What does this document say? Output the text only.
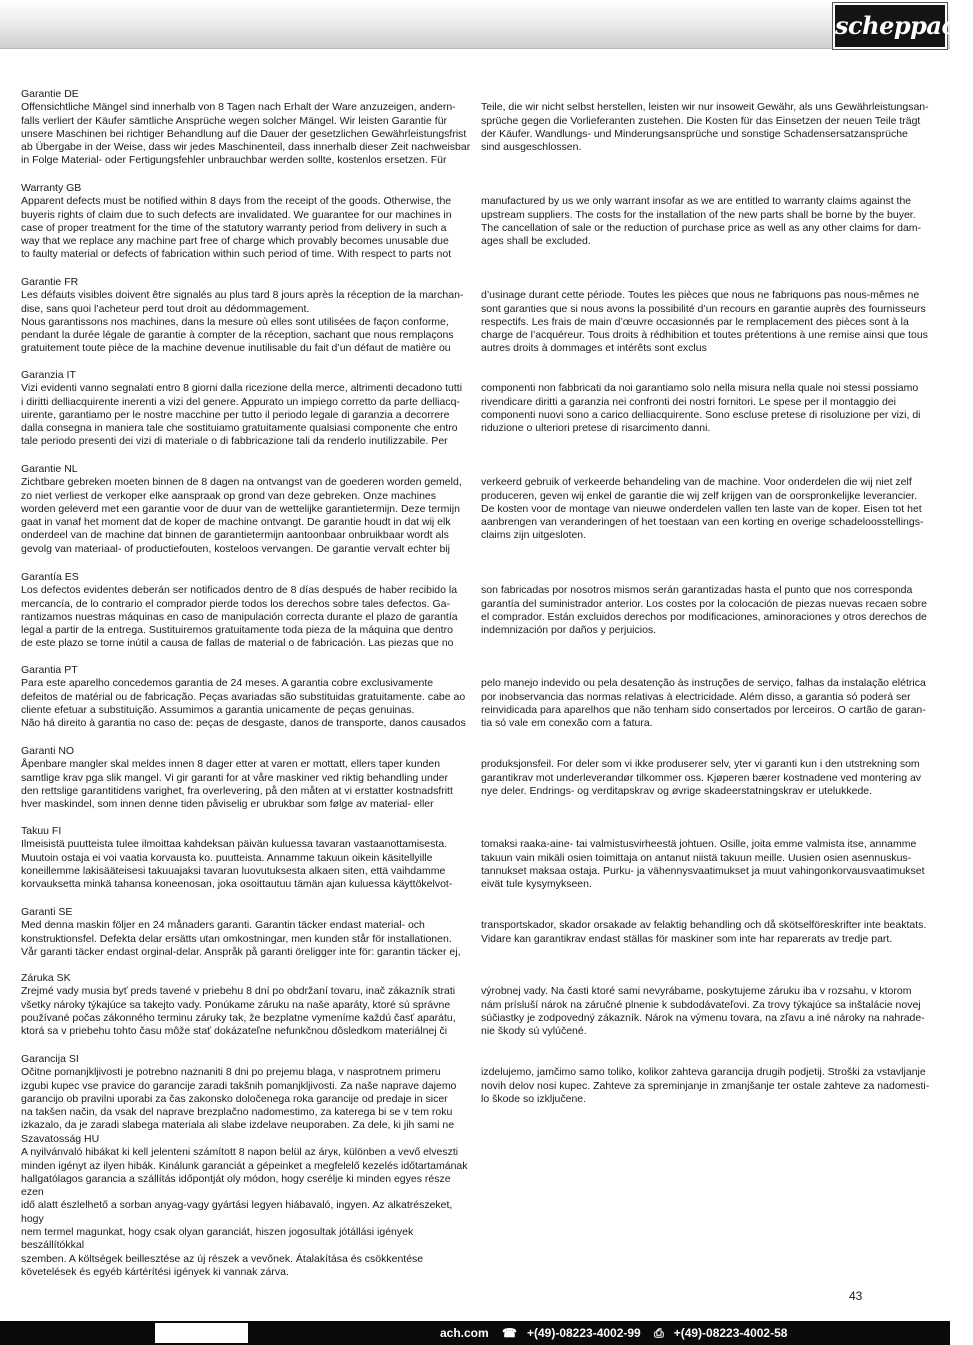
scheppach
Garantie DE

Offensichtliche Mängel sind innerhalb von 8 Tagen nach Erhalt der Ware anzuzeigen, andern-
falls verliert der Käufer sämtliche Ansprüche wegen solcher Mängel. Wir leisten Garantie für
unsere Maschinen bei richtiger Behandlung auf die Dauer der gesetzlichen Gewährleistungsfrist
ab Übergabe in der Weise, dass wir jedes Maschinenteil, dass innerhalb dieser Zeit nachweisbar
in Folge Material- oder Fertigungsfehler unbrauchbar werden sollte, kostenlos ersetzen. Für

Teile, die wir nicht selbst herstellen, leisten wir nur insoweit Gewähr, als uns Gewährleistungsan-
sprüche gegen die Vorlieferanten zustehen. Die Kosten für das Einsetzen der neuen Teile trägt
der Käufer. Wandlungs- und Minderungsansprüche und sonstige Schadensersatzansprüche
sind ausgeschlossen.

Warranty GB

Apparent defects must be notified within 8 days from the receipt of the goods. Otherwise, the
buyeris rights of claim due to such defects are invalidated. We guarantee for our machines in
case of proper treatment for the time of the statutory warranty period from delivery in such a
way that we replace any machine part free of charge which provably becomes unusable due
to faulty material or defects of fabrication within such period of time. With respect to parts not

manufactured by us we only warrant insofar as we are entitled to warranty claims against the
upstream suppliers. The costs for the installation of the new parts shall be borne by the buyer.
The cancellation of sale or the reduction of purchase price as well as any other claims for dam-
ages shall be excluded.

Garantie FR

Les défauts visibles doivent être signalés au plus tard 8 jours après la réception de la marchan-
dise, sans quoi l’acheteur perd tout droit au dédommagement.
Nous garantissons nos machines, dans la mesure où elles sont utilisées de façon conforme,
pendant la durée légale de garantie à compter de la réception, sachant que nous remplaçons
gratuitement toute pièce de la machine devenue inutilisable du fait d’un défaut de matière ou

d’usinage durant cette période. Toutes les pièces que nous ne fabriquons pas nous-mêmes ne
sont garanties que si nous avons la possibilité d’un recours en garantie auprès des fournisseurs
respectifs. Les frais de main d’œuvre occasionnés par le remplacement des pièces sont à la
charge de l’acquéreur. Tous droits à rédhibition et toutes prétentions à une remise ainsi que tous
autres droits à dommages et intérêts sont exclus

Garanzia IT

Vizi evidenti vanno segnalati entro 8 giorni dalla ricezione della merce, altrimenti decadono tutti
i diritti delliacquirente inerenti a vizi del genere. Appurato un impiego corretto da parte delliacq-
uirente, garantiamo per le nostre macchine per tutto il periodo legale di garanzia a decorrere
dalla consegna in maniera tale che sostituiamo gratuitamente qualsiasi componente che entro
tale periodo presenti dei vizi di materiale o di fabbricazione tali da renderlo inutilizzabile. Per

componenti non fabbricati da noi garantiamo solo nella misura nella quale noi stessi possiamo
rivendicare diritti a garanzia nei confronti dei nostri fornitori. Le spese per il montaggio dei
componenti nuovi sono a carico delliacquirente. Sono escluse pretese di risoluzione per vizi, di
riduzione o ulteriori pretese di risarcimento danni.

Garantie NL

Zichtbare gebreken moeten binnen de 8 dagen na ontvangst van de goederen worden gemeld,
zo niet verliest de verkoper elke aanspraak op grond van deze gebreken. Onze machines
worden geleverd met een garantie voor de duur van de wettelijke garantietermijn. Deze termijn
gaat in vanaf het moment dat de koper de machine ontvangt. De garantie houdt in dat wij elk
onderdeel van de machine dat binnen de garantietermijn aantoonbaar onbruikbaar wordt als
gevolg van materiaal- of productiefouten, kosteloos vervangen. De garantie vervalt echter bij

verkeerd gebruik of verkeerde behandeling van de machine. Voor onderdelen die wij niet zelf
produceren, geven wij enkel de garantie die wij zelf krijgen van de oorspronkelijke leverancier.
De kosten voor de montage van nieuwe onderdelen vallen ten laste van de koper. Eisen tot het
aanbrengen van veranderingen of het toestaan van een korting en overige schadeloosstellings-
claims zijn uitgesloten.

Garantía ES

Los defectos evidentes deberán ser notificados dentro de 8 días después de haber recibido la
mercancía, de lo contrario el comprador pierde todos los derechos sobre tales defectos. Ga-
rantizamos nuestras máquinas en caso de manipulación correcta durante el plazo de garantía
legal a partir de la entrega. Sustituiremos gratuitamente toda pieza de la máquina que dentro
de este plazo se torne inútil a causa de fallas de material o de fabricación. Las piezas que no

son fabricadas por nosotros mismos serán garantizadas hasta el punto que nos corresponda
garantía del suministrador anterior. Los costes por la colocación de piezas nuevas recaen sobre
el comprador. Están excluidos derechos por modificaciones, aminoraciones y otros derechos de
indemnización por daños y perjuicios.

Garantia PT

Para este aparelho concedemos garantia de 24 meses. A garantia cobre exclusivamente
defeitos de matérial ou de fabricação. Peças avariadas são substituidas gratuitamente. cabe ao
cliente efetuar a substituição. Assumimos a garantia unicamente de peças genuinas.
Não há direito à garantia no caso de: peças de desgaste, danos de transporte, danos causados

pelo manejo indevido ou pela desatenção às instruções de serviço, falhas da instalação elétrica
por inobservancia das normas relativas à electricidade. Além disso, a garantia só poderá ser
reinvidicada para aparelhos que não tenham sido consertados por lerceiros. O cartão de garan-
tia só vale em conexão com a fatura.

Garanti NO

Åpenbare mangler skal meldes innen 8 dager etter at varen er mottatt, ellers taper kunden
samtlige krav pga slik mangel. Vi gir garanti for at våre maskiner ved riktig behandling under
den rettslige garantitidens varighet, fra overlevering, på den måten at vi erstatter kostnadsfritt
hver maskindel, som innen denne tiden påviselig er ubrukbar som følge av material- eller

produksjonsfeil. For deler som vi ikke produserer selv, yter vi garanti kun i den utstrekning som
garantikrav mot underleverandør tilkommer oss. Kjøperen bærer kostnadene ved montering av
nye deler. Endrings- og verditapskrav og øvrige skadeerstatningskrav er utelukkede.

Takuu FI

Ilmeisistä puutteista tulee ilmoittaa kahdeksan päivän kuluessa tavaran vastaanottamisesta.
Muutoin ostaja ei voi vaatia korvausta ko. puutteista. Annamme takuun oikein käsitellyille
koneillemme lakisääteisesi takuuajaksi tavaran luovutuksesta alkaen siten, että vaihdamme
korvauksetta minkä tahansa koneenosan, joka osoittautuu tämän ajan kuluessa käyttökelvot-

tomaksi raaka-aine- tai valmistusvirheestä johtuen. Osille, joita emme valmista itse, annamme
takuun vain mikäli osien toimittaja on antanut niistä takuun meille. Uusien osien asennuskus-
tannukset maksaa ostaja. Purku- ja vähennysvaatimukset ja muut vahingonkorvausvaatimukset
eivät tule kysymykseen.

Garanti SE

Med denna maskin följer en 24 månaders garanti. Garantin täcker endast material- och
konstruktionsfel. Defekta delar ersätts utan omkostningar, men kunden står för installationen.
Vår garanti täcker endast orginal-delar. Anspråk på garanti öreligger inte för: garantin täcker ej,

transportskador, skador orsakade av felaktig behandling och då skötselföreskrifter inte beaktats.
Vidare kan garantikrav endast ställas för maskiner som inte har reparerats av tredje part.

Záruka SK

Zrejmé vady musia byť preds tavené v priebehu 8 dní po obdržaní tovaru, inač zákazník strati
všetky nároky týkajúce sa takejto vady. Ponúkame záruku na naše aparáty, ktoré sú správne
používané počas zákonného terminu záruky tak, že bezplatne vymeníme každú časť aparátu,
ktorá sa v priebehu tohto času môže stať dokázateľne nefunkčnou dôsledkom materiálnej či

výrobnej vady. Na časti ktoré sami nevyrábame, poskytujeme záruku iba v rozsahu, v ktorom
nám prísluší nárok na záručné plnenie k subdodávateľovi. Za trovy týkajúce sa inštalácie novej
súčiastky je zodpovedný zákazník. Nárok na výmenu tovara, na zľavu a iné nároky na nahrade-
nie škody sú vylúčené.

Garancija SI

Očitne pomanjkljivosti je potrebno naznaniti 8 dni po prejemu blaga, v nasprotnem primeru
izgubi kupec vse pravice do garancije zaradi takšnih pomanjkljivosti. Za naše naprave dajemo
garancijo ob pravilni uporabi za čas zakonsko določenega roka garancije od predaje in sicer
na takšen način, da vsak del naprave brezplačno nadomestimo, za katerega bi se v tem roku
izkazalo, da je zaradi slabega materiala ali slabe izdelave neuporaben. Za dele, ki jih sami ne

izdelujemo, jamčimo samo toliko, kolikor zahteva garancija drugih podjetij. Stroški za vstavljanje
novih delov nosi kupec. Zahteve za spreminjanje in zmanjšanje ter ostale zahteve za nadomesti-
lo škode so izključene.

Szavatosság HU

A nyilvánvaló hibákat ki kell jelenteni számított 8 napon belül az árук, különben a vevő elveszti
minden igényt az ilyen hibák. Kinálunk garanciát a gépeinket a megfelelő kezelés időtartamának
hallgatólagos garancia a szállítás időpontját oly módon, hogy cserélje ki minden egyes része ezen
idő alatt észlelhető a sorban anyag-vagy gyártási legyen hiábavaló, ingyen. Az alkatrészeket, hogy
nem termel magunkat, hogy csak olyan garanciát, hiszen jogosultak jótállási igények beszállítókkal
szemben. A költségek beillesztése az új részek a vevőnek. Átalakítása és csökkentése
követelések és egyéb kártérítési igények ki vannak zárva.

43
ach.com ☎ +(49)-08223-4002-99 ⎙ +(49)-08223-4002-58
